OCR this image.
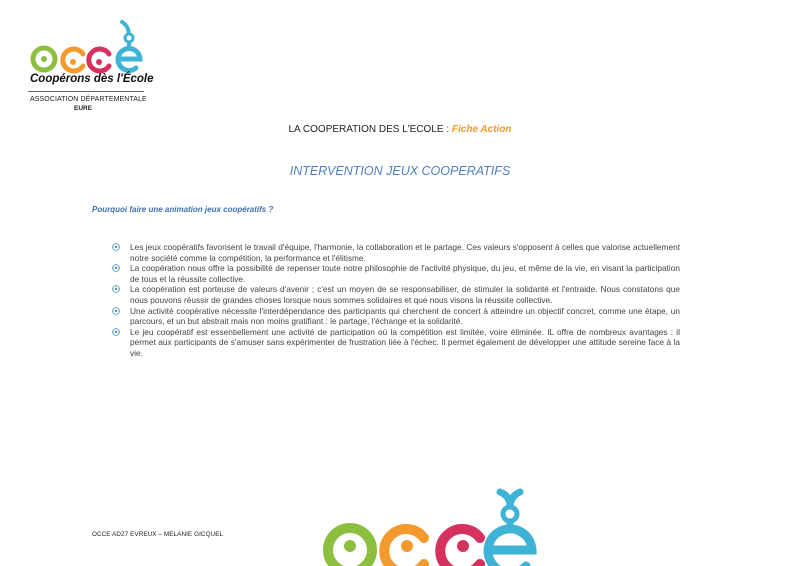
Coopérons dès l'École
ASSOCIATION DÉPARTEMENTALE
EURE
LA COOPERATION DES L'ECOLE : Fiche Action
INTERVENTION JEUX COOPERATIFS
Pourquoi faire une animation jeux coopératifs ?
Les jeux coopératifs favorisent le travail d'équipe, l'harmonie, la collaboration et le partage. Ces valeurs s'opposent à celles que valorise actuellement notre société comme la compétition, la performance et l'élitisme.
La coopération nous offre la possibilité de repenser toute notre philosophie de l'activité physique, du jeu, et même de la vie, en visant la participation de tous et la réussite collective.
La coopération est porteuse de valeurs d'avenir ; c'est un moyen de se responsabiliser, de stimuler la solidarité et l'entraide. Nous constatons que nous pouvons réussir de grandes choses lorsque nous sommes solidaires et que nous visons la réussite collective.
Une activité coopérative nécessite l'interdépendance des participants qui cherchent de concert à atteindre un objectif concret, comme une étape, un parcours, et un but abstrait mais non moins gratifiant : le partage, l'échange et la solidarité.
Le jeu coopératif est essentiellement une activité de participation où la compétition est limitée, voire éliminée. IL offre de nombreux avantages : il permet aux participants de s'amuser sans expérimenter de frustration liée à l'échec. Il permet également de développer une attitude sereine face à la vie.
OCCE AD27 EVREUX – MELANIE GICQUEL
